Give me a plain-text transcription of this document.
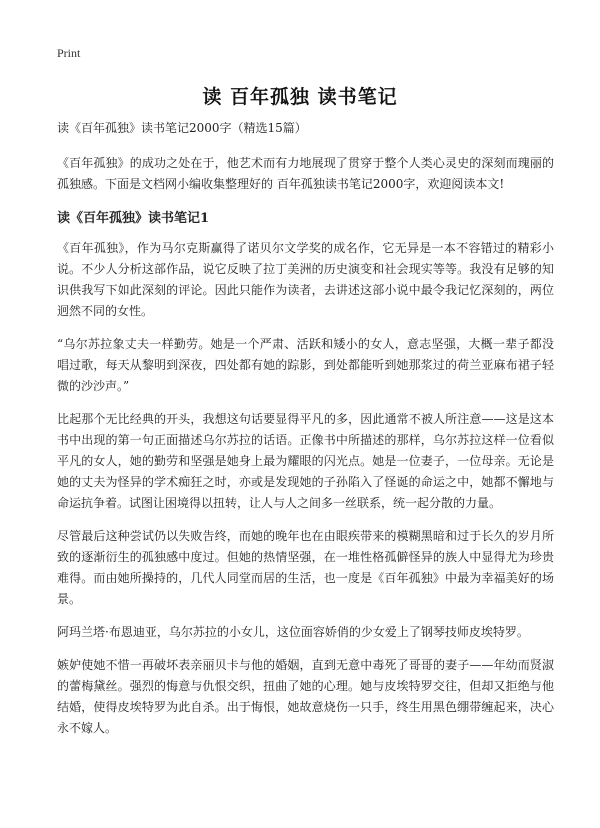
Print
读 百年孤独 读书笔记

读《百年孤独》读书笔记2000字（精选15篇）

《百年孤独》的成功之处在于，他艺术而有力地展现了贯穿于整个人类心灵史的深刻而瑰丽的孤独感。下面是文档网小编收集整理好的 百年孤独读书笔记2000字，欢迎阅读本文!

读《百年孤独》读书笔记1

《百年孤独》，作为马尔克斯赢得了诺贝尔文学奖的成名作，它无异是一本不容错过的精彩小说。不少人分析这部作品，说它反映了拉丁美洲的历史演变和社会现实等等。我没有足够的知识供我写下如此深刻的评论。因此只能作为读者，去讲述这部小说中最令我记忆深刻的，两位迥然不同的女性。

“乌尔苏拉象丈夫一样勤劳。她是一个严肃、活跃和矮小的女人，意志坚强，大概一辈子都没唱过歌，每天从黎明到深夜，四处都有她的踪影，到处都能听到她那浆过的荷兰亚麻布裙子轻微的沙沙声。”

比起那个无比经典的开头，我想这句话要显得平凡的多，因此通常不被人所注意——这是这本书中出现的第一句正面描述乌尔苏拉的话语。正像书中所描述的那样，乌尔苏拉这样一位看似平凡的女人，她的勤劳和坚强是她身上最为耀眼的闪光点。她是一位妻子，一位母亲。无论是她的丈夫为怪异的学术痴狂之时，亦或是发现她的子孙陷入了怪诞的命运之中，她都不懈地与命运抗争着。试图让困境得以扭转，让人与人之间多一丝联系，统一起分散的力量。

尽管最后这种尝试仍以失败告终，而她的晚年也在由眼疾带来的模糊黑暗和过于长久的岁月所致的逐渐衍生的孤独感中度过。但她的热情坚强，在一堆性格孤僻怪异的族人中显得尤为珍贵难得。而由她所操持的，几代人同堂而居的生活，也一度是《百年孤独》中最为幸福美好的场景。

阿玛兰塔·布恩迪亚，乌尔苏拉的小女儿，这位面容娇俏的少女爱上了钢琴技师皮埃特罗。

嫉妒使她不惜一再破坏表亲丽贝卡与他的婚姻，直到无意中毒死了哥哥的妻子——年幼而贤淑的蕾梅黛丝。强烈的悔意与仇恨交织，扭曲了她的心理。她与皮埃特罗交往，但却又拒绝与他结婚，使得皮埃特罗为此自杀。出于悔恨，她故意烧伤一只手，终生用黑色绷带缠起来，决心永不嫁人。
